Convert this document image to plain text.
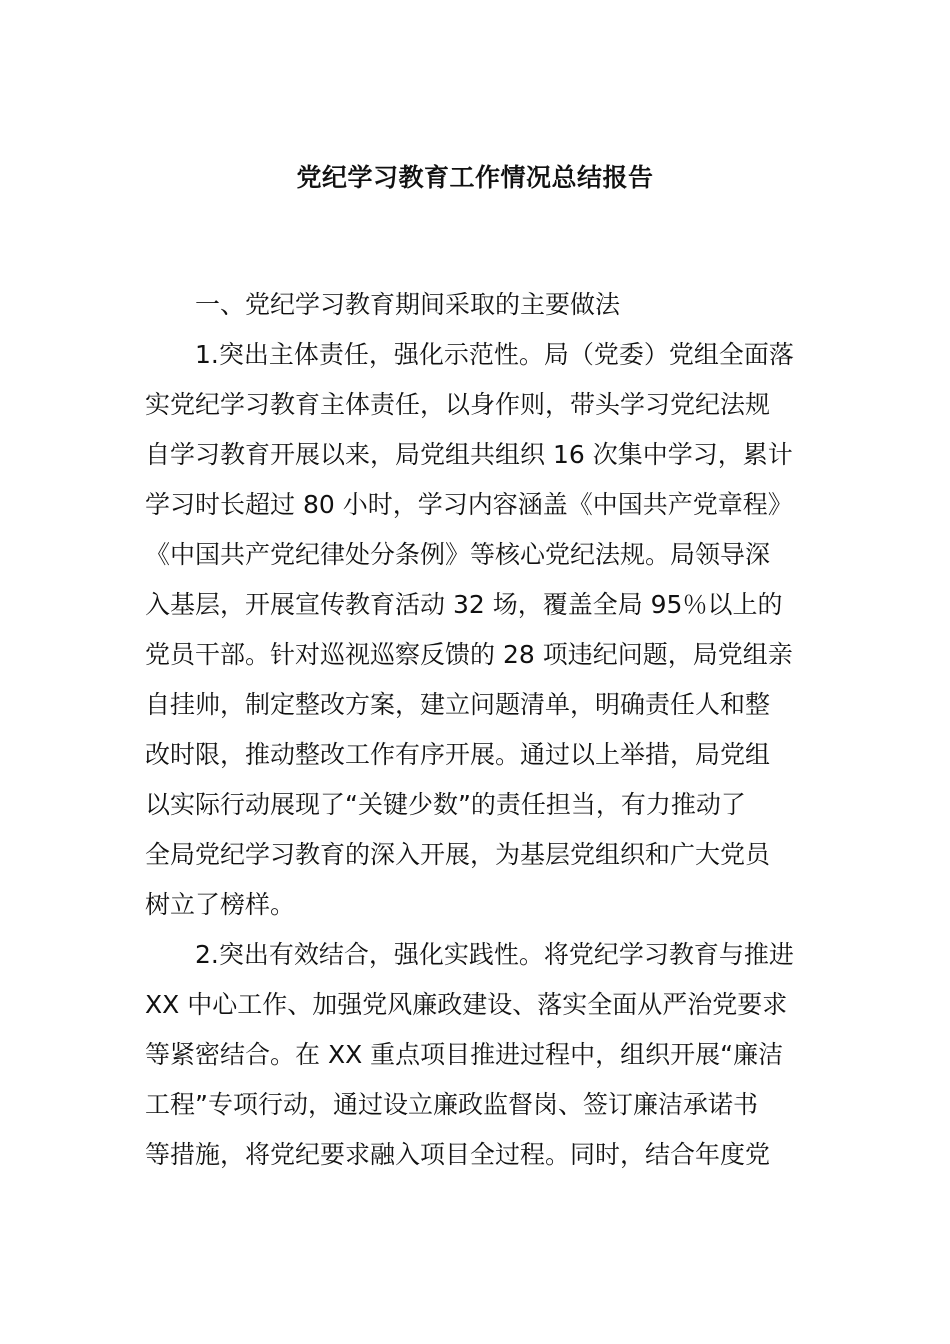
党纪学习教育工作情况总结报告
一、党纪学习教育期间采取的主要做法
1.突出主体责任，强化示范性。局（党委）党组全面落
实党纪学习教育主体责任，以身作则，带头学习党纪法规
自学习教育开展以来，局党组共组织 16 次集中学习，累计
学习时长超过 80 小时，学习内容涵盖《中国共产党章程》
《中国共产党纪律处分条例》等核心党纪法规。局领导深
入基层，开展宣传教育活动 32 场，覆盖全局 95％以上的
党员干部。针对巡视巡察反馈的 28 项违纪问题，局党组亲
自挂帅，制定整改方案，建立问题清单，明确责任人和整
改时限，推动整改工作有序开展。通过以上举措，局党组
以实际行动展现了“关键少数”的责任担当，有力推动了
全局党纪学习教育的深入开展，为基层党组织和广大党员
树立了榜样。
2.突出有效结合，强化实践性。将党纪学习教育与推进
XX 中心工作、加强党风廉政建设、落实全面从严治党要求
等紧密结合。在 XX 重点项目推进过程中，组织开展“廉洁
工程”专项行动，通过设立廉政监督岗、签订廉洁承诺书
等措施，将党纪要求融入项目全过程。同时，结合年度党
